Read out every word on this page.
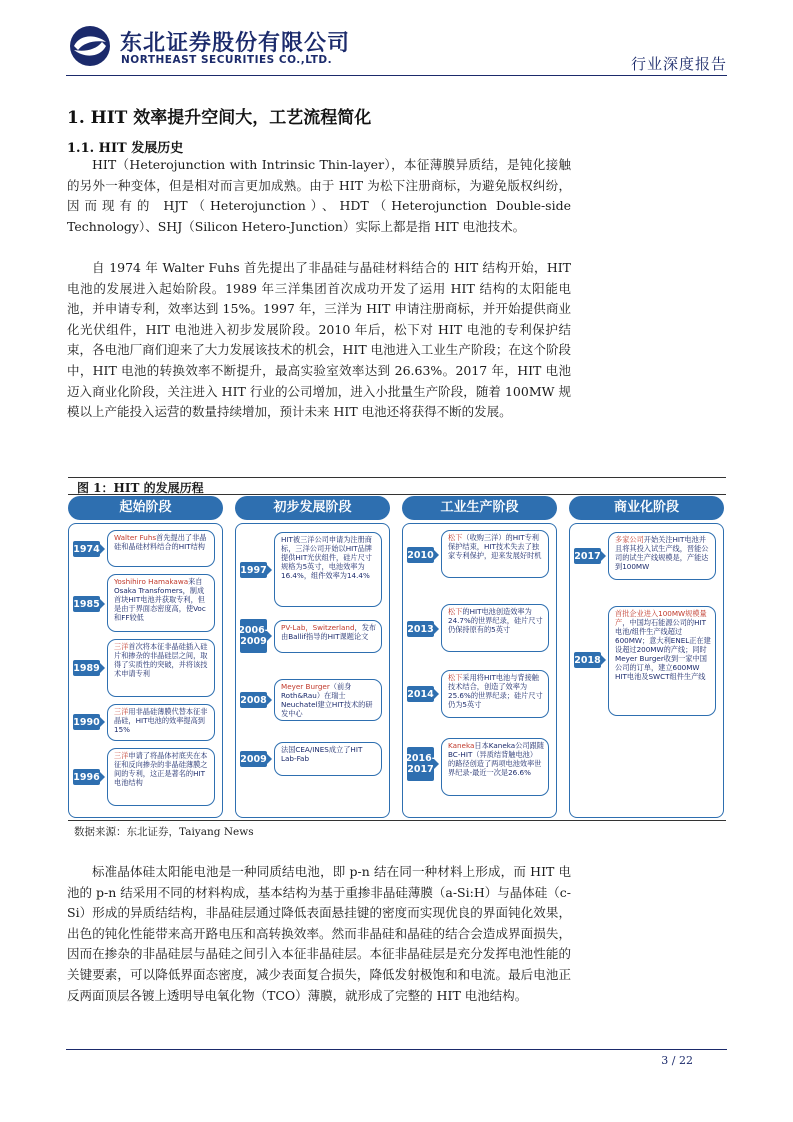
东北证券股份有限公司
NORTHEAST SECURITIES CO.,LTD.	行业深度报告
1. HIT 效率提升空间大，工艺流程简化
1.1. HIT 发展历史

HIT（Heterojunction with Intrinsic Thin-layer），本征薄膜异质结，是钝化接触的另外一种变体，但是相对而言更加成熟。由于 HIT 为松下注册商标，为避免版权纠纷，因而现有的 HJT（Heterojunction）、HDT（Heterojunction Double-side Technology）、SHJ（Silicon Hetero-Junction）实际上都是指 HIT 电池技术。

自 1974 年 Walter Fuhs 首先提出了非晶硅与晶硅材料结合的 HIT 结构开始，HIT 电池的发展进入起始阶段。1989 年三洋集团首次成功开发了运用 HIT 结构的太阳能电池，并申请专利，效率达到 15%。1997 年，三洋为 HIT 申请注册商标，并开始提供商业化光伏组件，HIT 电池进入初步发展阶段。2010 年后，松下对 HIT 电池的专利保护结束，各电池厂商们迎来了大力发展该技术的机会，HIT 电池进入工业生产阶段；在这个阶段中，HIT 电池的转换效率不断提升，最高实验室效率达到 26.63%。2017 年，HIT 电池迈入商业化阶段，关注进入 HIT 行业的公司增加，进入小批量生产阶段，随着 100MW 规模以上产能投入运营的数量持续增加，预计未来 HIT 电池还将获得不断的发展。

图 1：HIT 的发展历程
起始阶段
1974
Walter Fuhs首先提出了非晶硅和晶硅材料结合的HIT结构
1985
Yoshihiro Hamakawa来自Osaka Transfomers，制成首块HIT电池并获取专利，但是由于界面态密度高，使Voc和FF较低
1989
三洋首次将本征非晶硅插入硅片和掺杂的非晶硅层之间，取得了实质性的突破，并将该技术申请专利
1990
三洋用非晶硅薄膜代替本征非晶硅，HIT电池的效率提高到15%
1996
三洋申请了将晶体衬底夹在本征和反向掺杂的非晶硅薄膜之间的专利，这正是著名的HIT电池结构
初步发展阶段
1997
HIT被三洋公司申请为注册商标，三洋公司开始以HIT品牌提供HIT光伏组件，硅片尺寸规格为5英寸，电池效率为16.4%，组件效率为14.4%
2006-2009
PV-Lab，Switzerland，发布由Ballif指导的HIT课题论文
2008
Meyer Burger（前身Roth&Rau）在瑞士Neuchatel建立HIT技术的研发中心
2009
法国CEA/INES成立了HIT Lab-Fab
工业生产阶段
2010
松下（收购三洋）的HIT专利保护结束，HIT技术失去了独家专利保护，迎来发展好时机
2013
松下的HIT电池创造效率为24.7%的世界纪录，硅片尺寸仍保持原有的5英寸
2014
松下采用将HIT电池与背接触技术结合，创造了效率为25.6%的世界纪录；硅片尺寸仍为5英寸
2016-2017
Kaneka日本Kaneka公司跟随BC-HIT（异质结背触电池）的路径创造了两项电池效率世界纪录-最近一次是26.6%
商业化阶段
2017
多家公司开始关注HIT电池并且将其投入试生产线，晋能公司的试生产线规模是，产能达到100MW
2018
首批企业进入100MW规模量产，中国均石能源公司的HIT电池/组件生产线超过600MW；意大利ENEL正在建设超过200MW的产线；同时Meyer Burger收到一家中国公司的订单，建立600MW HIT电池及SWCT组件生产线
数据来源：东北证券，Taiyang News

标准晶体硅太阳能电池是一种同质结电池，即 p-n 结在同一种材料上形成，而 HIT 电池的 p-n 结采用不同的材料构成，基本结构为基于重掺非晶硅薄膜（a-Si:H）与晶体硅（c-Si）形成的异质结结构，非晶硅层通过降低表面悬挂键的密度而实现优良的界面钝化效果，出色的钝化性能带来高开路电压和高转换效率。然而非晶硅和晶硅的结合会造成界面损失，因而在掺杂的非晶硅层与晶硅之间引入本征非晶硅层。本征非晶硅层是充分发挥电池性能的关键要素，可以降低界面态密度，减少表面复合损失，降低发射极饱和和电流。最后电池正反两面顶层各镀上透明导电氧化物（TCO）薄膜，就形成了完整的 HIT 电池结构。

3 / 22
